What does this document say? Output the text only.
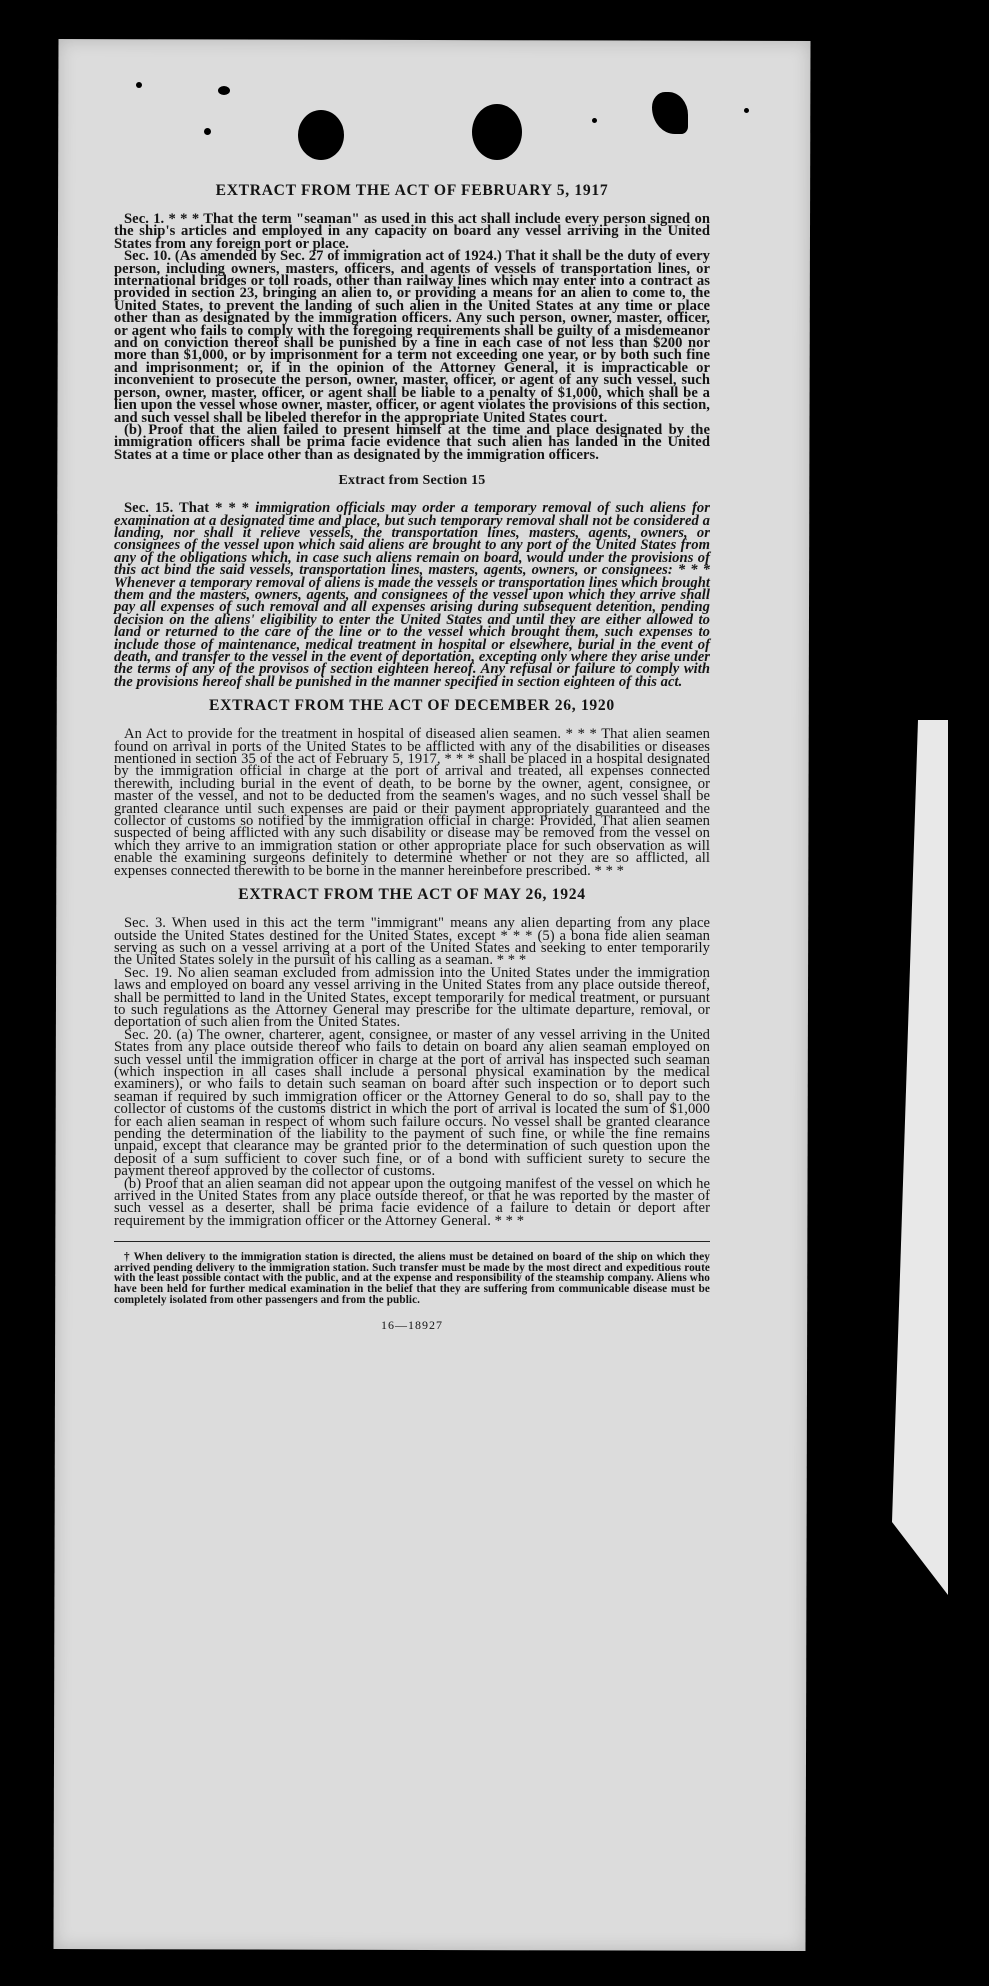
EXTRACT FROM THE ACT OF FEBRUARY 5, 1917

Sec. 1. * * * That the term "seaman" as used in this act shall include every person signed on the ship's articles and employed in any capacity on board any vessel arriving in the United States from any foreign port or place.

Sec. 10. (As amended by Sec. 27 of immigration act of 1924.) That it shall be the duty of every person, including owners, masters, officers, and agents of vessels of transportation lines, or international bridges or toll roads, other than railway lines which may enter into a contract as provided in section 23, bringing an alien to, or providing a means for an alien to come to, the United States, to prevent the landing of such alien in the United States at any time or place other than as designated by the immigration officers. Any such person, owner, master, officer, or agent who fails to comply with the foregoing requirements shall be guilty of a misdemeanor and on conviction thereof shall be punished by a fine in each case of not less than $200 nor more than $1,000, or by imprisonment for a term not exceeding one year, or by both such fine and imprisonment; or, if in the opinion of the Attorney General, it is impracticable or inconvenient to prosecute the person, owner, master, officer, or agent of any such vessel, such person, owner, master, officer, or agent shall be liable to a penalty of $1,000, which shall be a lien upon the vessel whose owner, master, officer, or agent violates the provisions of this section, and such vessel shall be libeled therefor in the appropriate United States court.

(b) Proof that the alien failed to present himself at the time and place designated by the immigration officers shall be prima facie evidence that such alien has landed in the United States at a time or place other than as designated by the immigration officers.

Extract from Section 15

Sec. 15. That * * * immigration officials may order a temporary removal of such aliens for examination at a designated time and place, but such temporary removal shall not be considered a landing, nor shall it relieve vessels, the transportation lines, masters, agents, owners, or consignees of the vessel upon which said aliens are brought to any port of the United States from any of the obligations which, in case such aliens remain on board, would under the provisions of this act bind the said vessels, transportation lines, masters, agents, owners, or consignees: * * * Whenever a temporary removal of aliens is made the vessels or transportation lines which brought them and the masters, owners, agents, and consignees of the vessel upon which they arrive shall pay all expenses of such removal and all expenses arising during subsequent detention, pending decision on the aliens' eligibility to enter the United States and until they are either allowed to land or returned to the care of the line or to the vessel which brought them, such expenses to include those of maintenance, medical treatment in hospital or elsewhere, burial in the event of death, and transfer to the vessel in the event of deportation, excepting only where they arise under the terms of any of the provisos of section eighteen hereof. Any refusal or failure to comply with the provisions hereof shall be punished in the manner specified in section eighteen of this act.

EXTRACT FROM THE ACT OF DECEMBER 26, 1920

An Act to provide for the treatment in hospital of diseased alien seamen. * * * That alien seamen found on arrival in ports of the United States to be afflicted with any of the disabilities or diseases mentioned in section 35 of the act of February 5, 1917, * * * shall be placed in a hospital designated by the immigration official in charge at the port of arrival and treated, all expenses connected therewith, including burial in the event of death, to be borne by the owner, agent, consignee, or master of the vessel, and not to be deducted from the seamen's wages, and no such vessel shall be granted clearance until such expenses are paid or their payment appropriately guaranteed and the collector of customs so notified by the immigration official in charge: Provided, That alien seamen suspected of being afflicted with any such disability or disease may be removed from the vessel on which they arrive to an immigration station or other appropriate place for such observation as will enable the examining surgeons definitely to determine whether or not they are so afflicted, all expenses connected therewith to be borne in the manner hereinbefore prescribed. * * *

EXTRACT FROM THE ACT OF MAY 26, 1924

Sec. 3. When used in this act the term "immigrant" means any alien departing from any place outside the United States destined for the United States, except * * * (5) a bona fide alien seaman serving as such on a vessel arriving at a port of the United States and seeking to enter temporarily the United States solely in the pursuit of his calling as a seaman. * * *

Sec. 19. No alien seaman excluded from admission into the United States under the immigration laws and employed on board any vessel arriving in the United States from any place outside thereof, shall be permitted to land in the United States, except temporarily for medical treatment, or pursuant to such regulations as the Attorney General may prescribe for the ultimate departure, removal, or deportation of such alien from the United States.

Sec. 20. (a) The owner, charterer, agent, consignee, or master of any vessel arriving in the United States from any place outside thereof who fails to detain on board any alien seaman employed on such vessel until the immigration officer in charge at the port of arrival has inspected such seaman (which inspection in all cases shall include a personal physical examination by the medical examiners), or who fails to detain such seaman on board after such inspection or to deport such seaman if required by such immigration officer or the Attorney General to do so, shall pay to the collector of customs of the customs district in which the port of arrival is located the sum of $1,000 for each alien seaman in respect of whom such failure occurs. No vessel shall be granted clearance pending the determination of the liability to the payment of such fine, or while the fine remains unpaid, except that clearance may be granted prior to the determination of such question upon the deposit of a sum sufficient to cover such fine, or of a bond with sufficient surety to secure the payment thereof approved by the collector of customs.

(b) Proof that an alien seaman did not appear upon the outgoing manifest of the vessel on which he arrived in the United States from any place outside thereof, or that he was reported by the master of such vessel as a deserter, shall be prima facie evidence of a failure to detain or deport after requirement by the immigration officer or the Attorney General. * * *

† When delivery to the immigration station is directed, the aliens must be detained on board of the ship on which they arrived pending delivery to the immigration station. Such transfer must be made by the most direct and expeditious route with the least possible contact with the public, and at the expense and responsibility of the steamship company. Aliens who have been held for further medical examination in the belief that they are suffering from communicable disease must be completely isolated from other passengers and from the public.

16—18927
